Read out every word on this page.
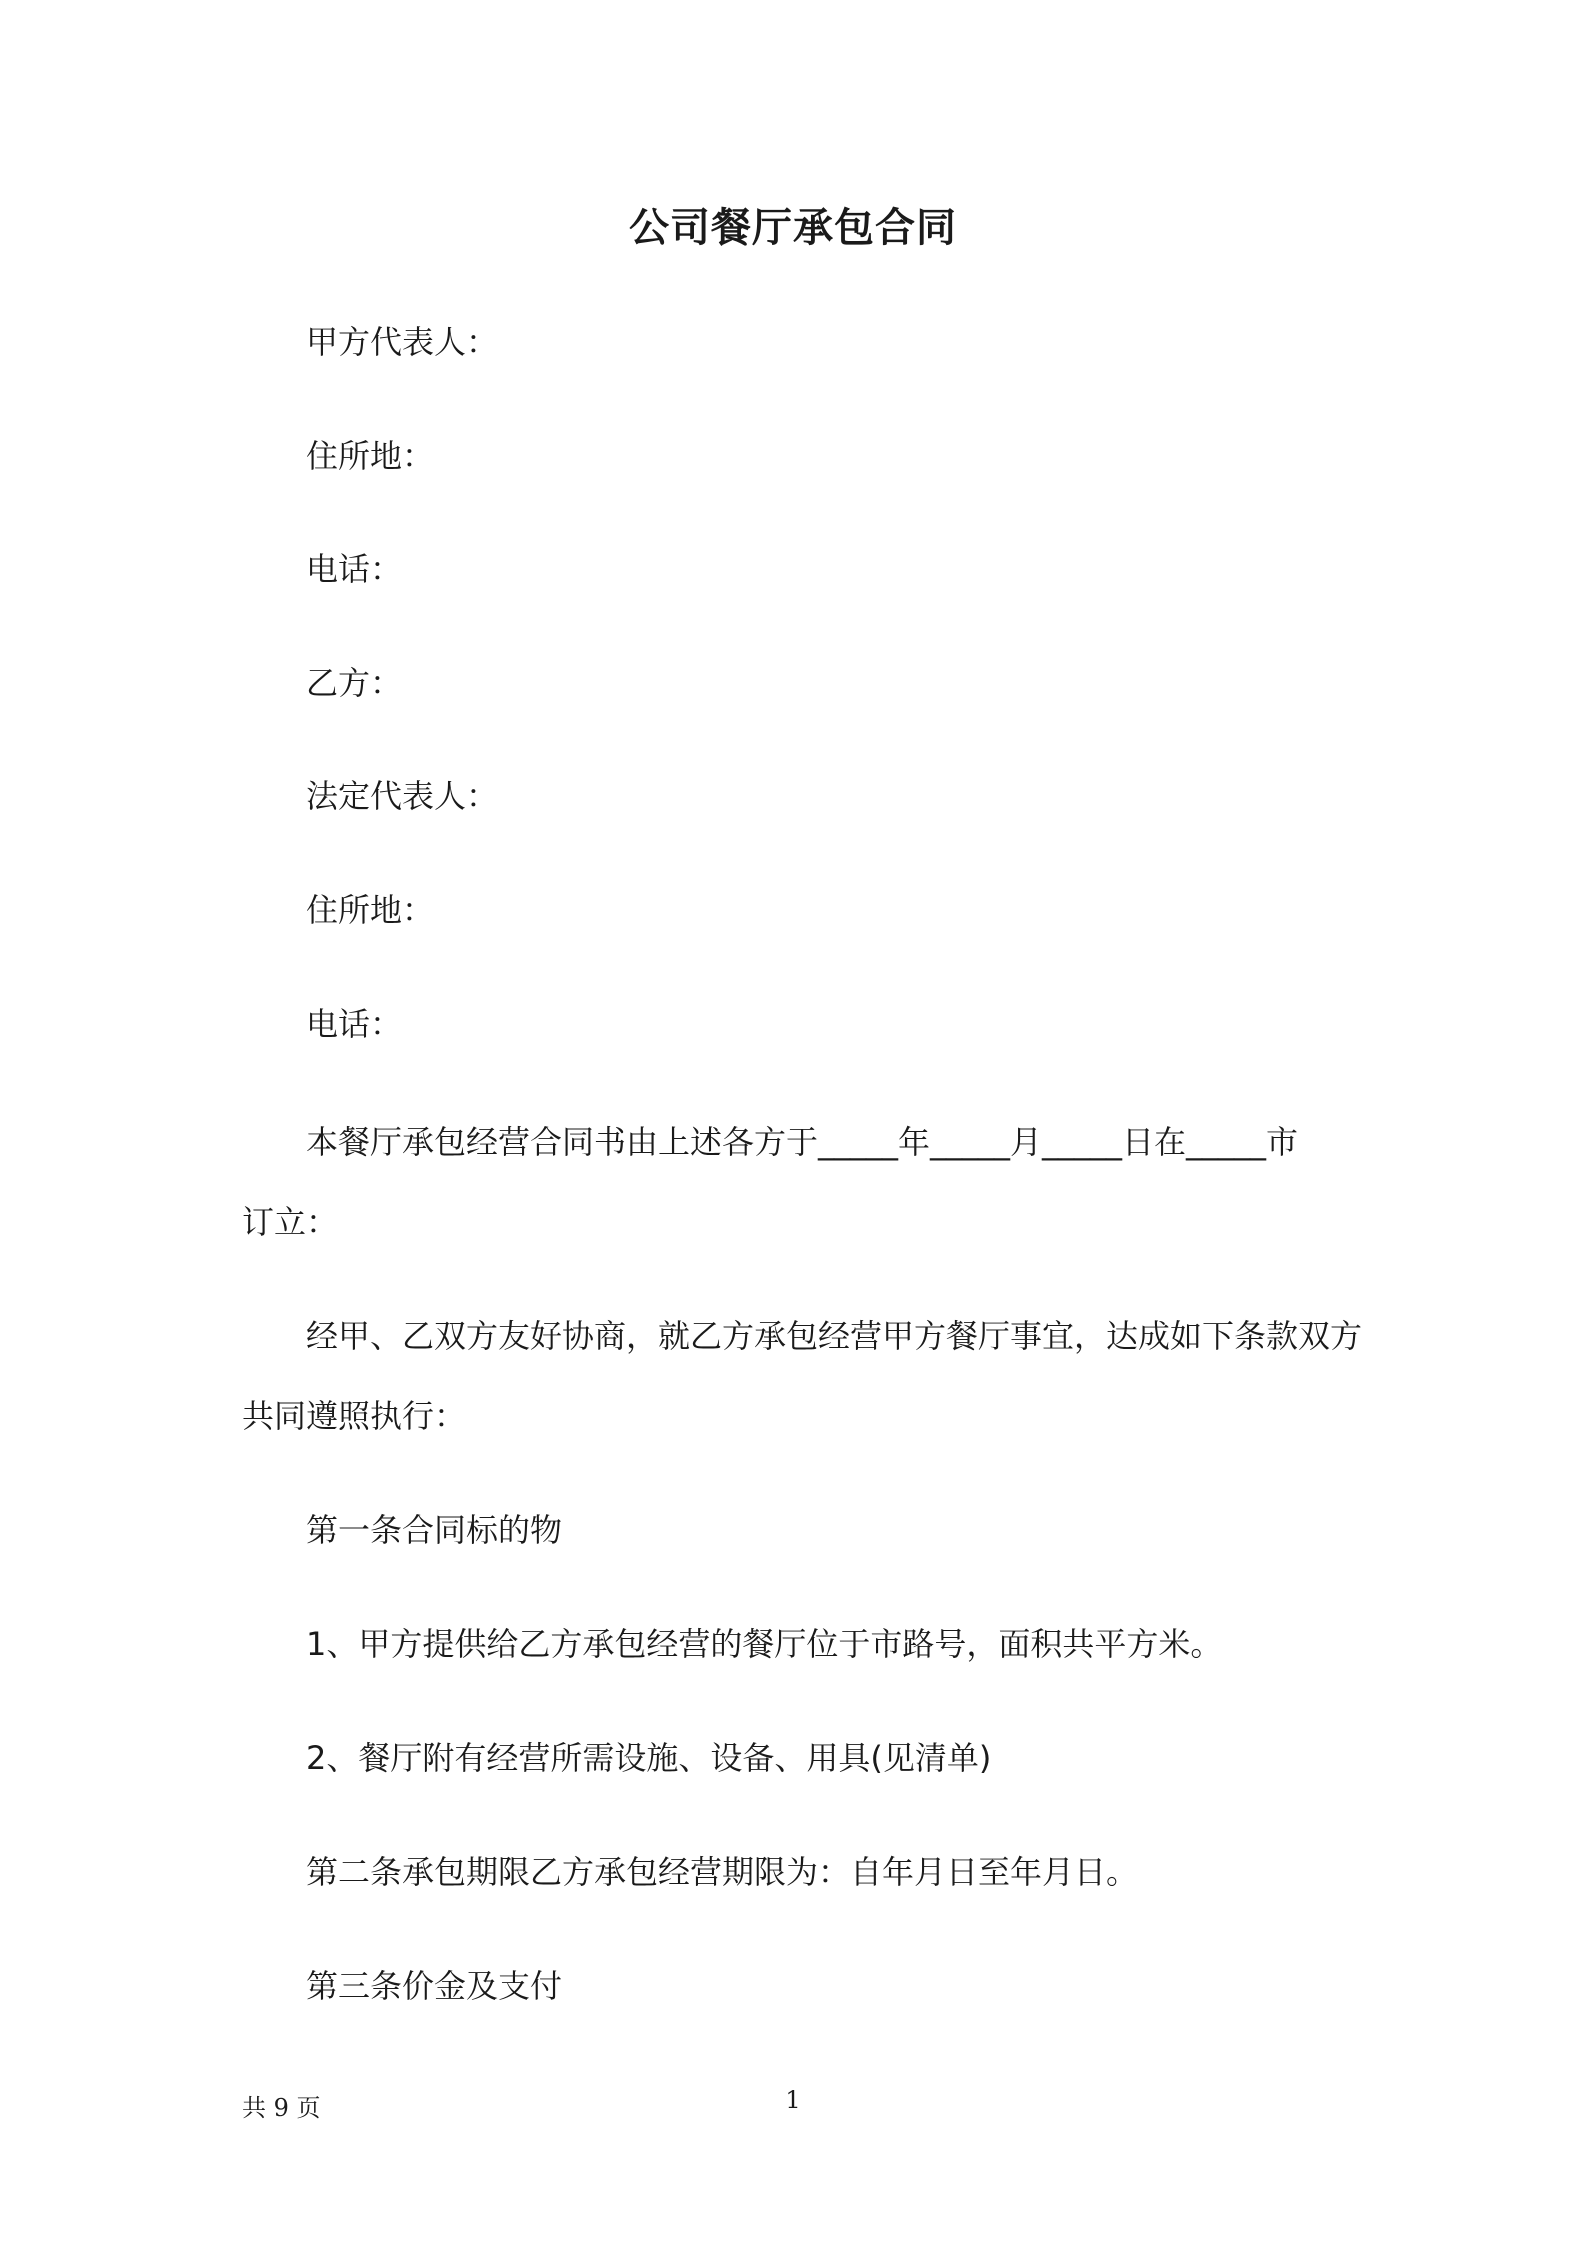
公司餐厅承包合同
甲方代表人：
住所地：
电话：
乙方：
法定代表人：
住所地：
电话：
本餐厅承包经营合同书由上述各方于_____年_____月_____日在_____市
订立：
经甲、乙双方友好协商，就乙方承包经营甲方餐厅事宜，达成如下条款双方
共同遵照执行：
第一条合同标的物
1、甲方提供给乙方承包经营的餐厅位于市路号，面积共平方米。
2、餐厅附有经营所需设施、设备、用具(见清单)
第二条承包期限乙方承包经营期限为：自年月日至年月日。
第三条价金及支付
共 9 页	1
